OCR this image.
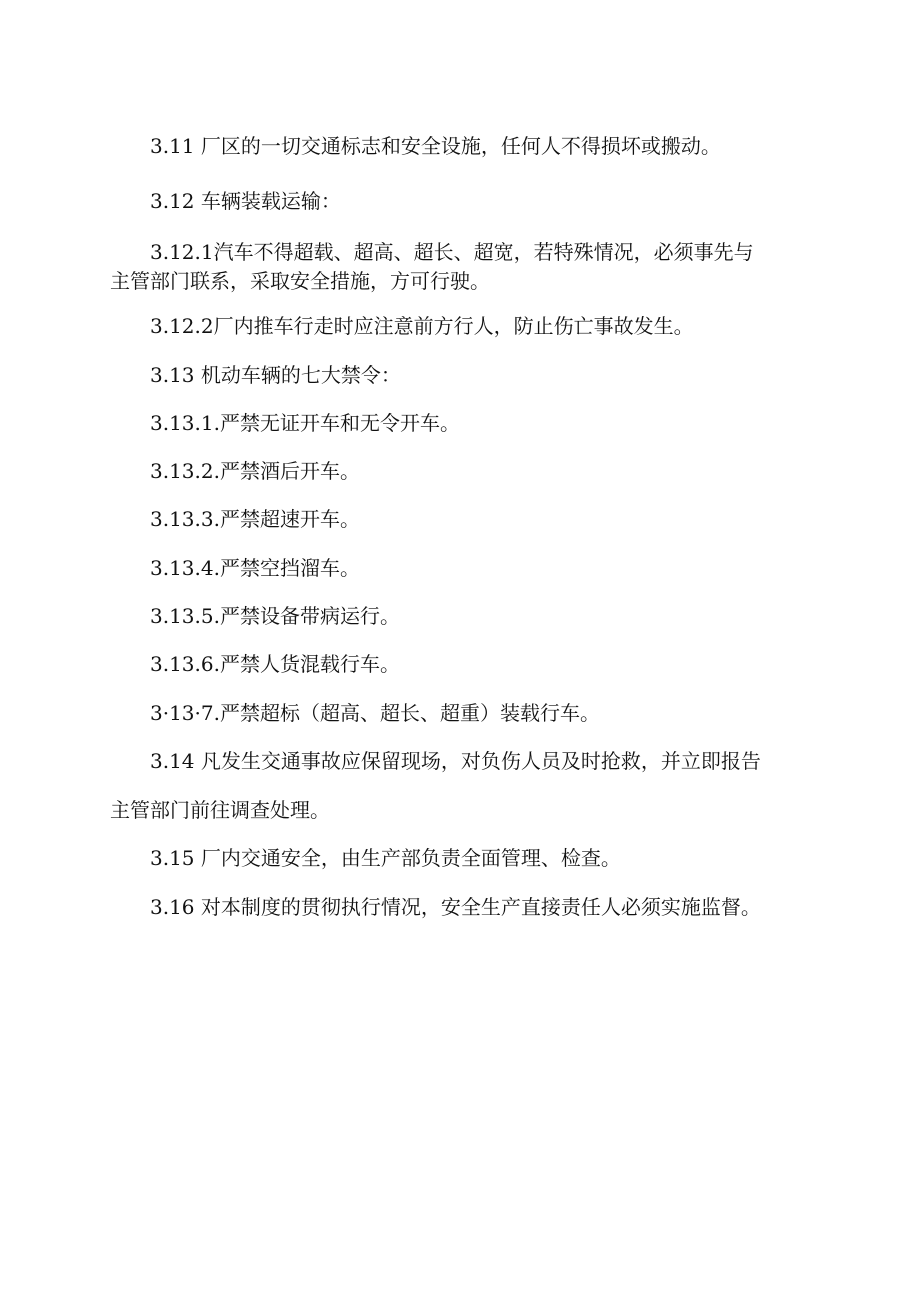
3.11 厂区的一切交通标志和安全设施，任何人不得损坏或搬动。

3.12 车辆装载运输：

3.12.1汽车不得超载、超高、超长、超宽，若特殊情况，必须事先与

主管部门联系，采取安全措施，方可行驶。

3.12.2厂内推车行走时应注意前方行人，防止伤亡事故发生。

3.13 机动车辆的七大禁令：

3.13.1.严禁无证开车和无令开车。

3.13.2.严禁酒后开车。

3.13.3.严禁超速开车。

3.13.4.严禁空挡溜车。

3.13.5.严禁设备带病运行。

3.13.6.严禁人货混载行车。

3·13·7.严禁超标（超高、超长、超重）装载行车。

3.14 凡发生交通事故应保留现场，对负伤人员及时抢救，并立即报告

主管部门前往调查处理。

3.15 厂内交通安全，由生产部负责全面管理、检查。

3.16 对本制度的贯彻执行情况，安全生产直接责任人必须实施监督。
